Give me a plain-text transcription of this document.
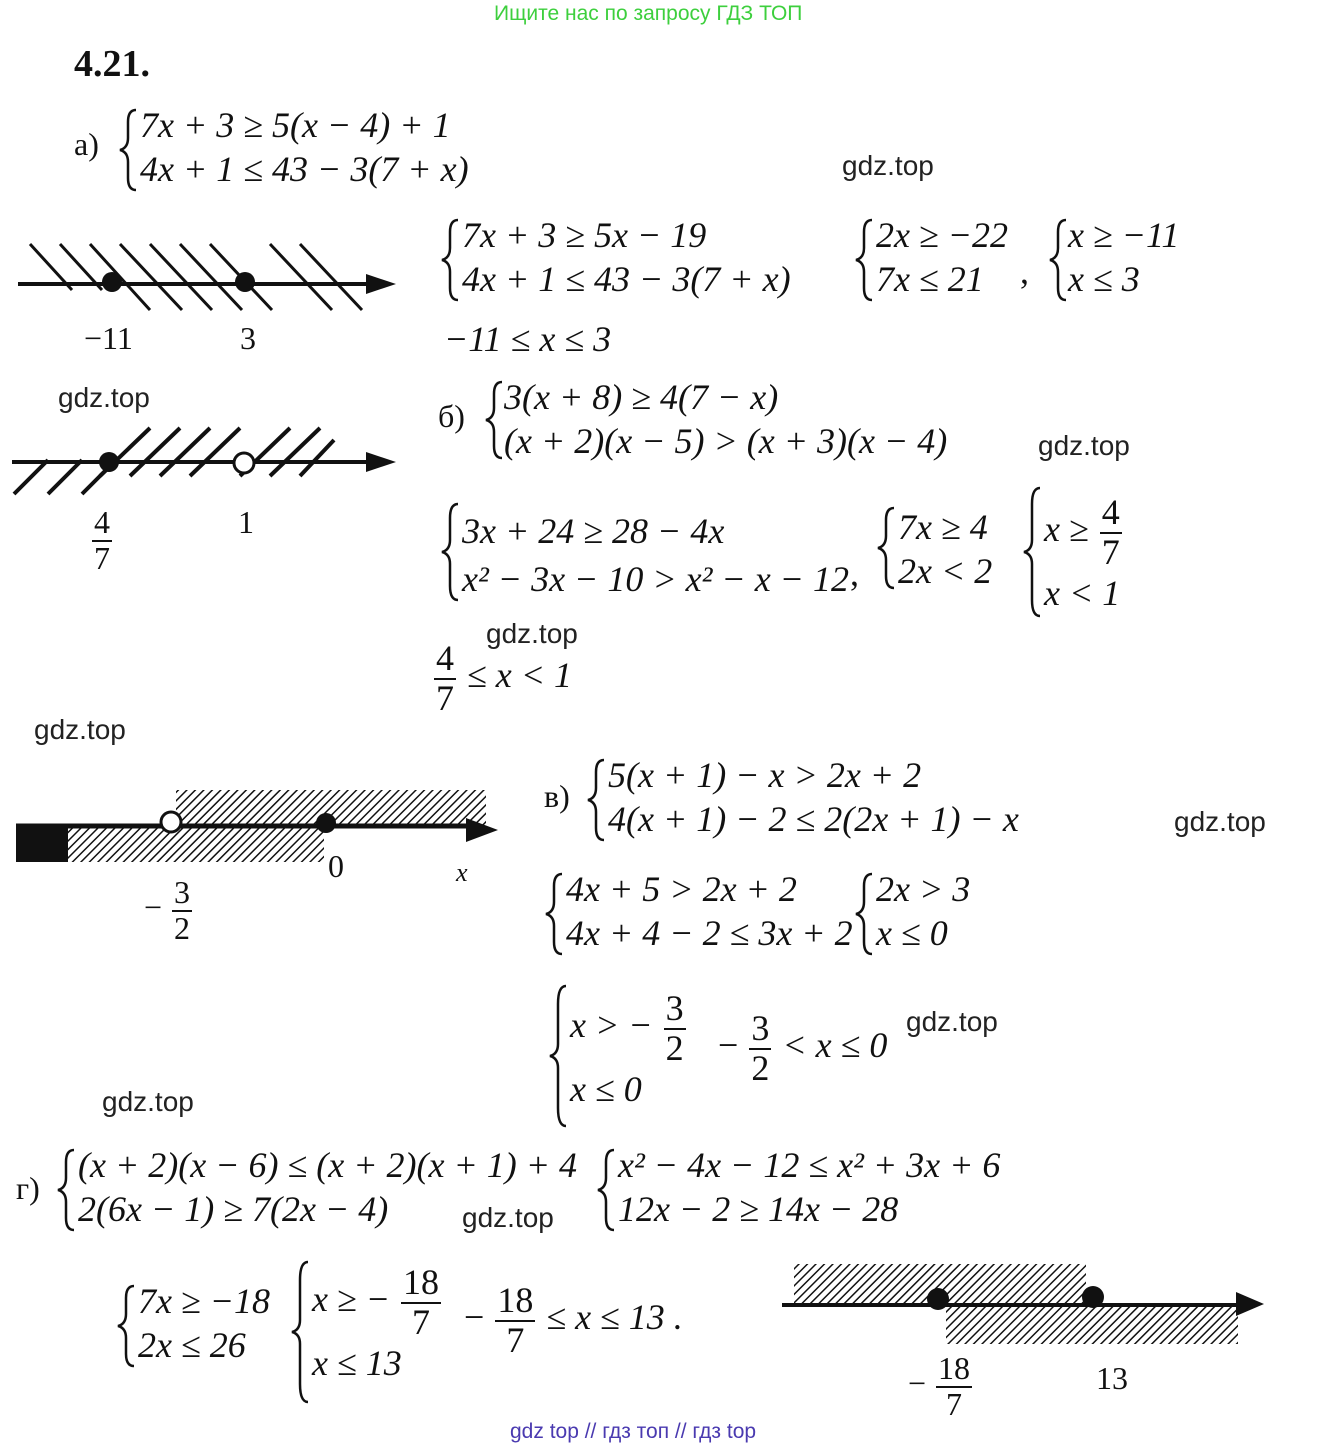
Ищите нас по запросу ГДЗ ТОП
4.21.
gdz.top
gdz.top
gdz.top
gdz.top
gdz.top
gdz.top
gdz.top
gdz.top
gdz.top
а) 7x + 3 ≥ 5(x − 4) + 1
4x + 1 ≤ 43 − 3(7 + x)
7x + 3 ≥ 5x − 19
4x + 1 ≤ 43 − 3(7 + x)
2x ≥ −22
7x ≤ 21	,
x ≥ −11
x ≤ 3
−11 ≤ x ≤ 3
−11	3
б) 3(x + 8) ≥ 4(7 − x)
(x + 2)(x − 5) > (x + 3)(x − 4)
3x + 24 ≥ 28 − 4x
x² − 3x − 10 > x² − x − 12 ,
7x ≥ 4
2x < 2
$x \ge \frac{4}{7}$
x < 1
$\frac{4}{7} \le x < 1$
$\frac{4}{7}$	1
в)
5(x + 1) − x > 2x + 2
4(x + 1) − 2 ≤ 2(2x + 1) − x
4x + 5 > 2x + 2
4x + 4 − 2 ≤ 3x + 2
2x > 3
x ≤ 0
x > − $\frac{3}{2}$
x ≤ 0
− $\frac{3}{2} < x \le 0$
0	x
− $\frac{3}{2}$
г)
(x + 2)(x − 6) ≤ (x + 2)(x + 1) + 4
2(6x − 1) ≥ 7(2x − 4)
x² − 4x − 12 ≤ x² + 3x + 6
12x − 2 ≥ 14x − 28
7x ≥ −18
2x ≤ 26
x ≥ − $\frac{18}{7}$
x ≤ 13
− $\frac{18}{7} \le x \le 13$ .
− $\frac{18}{7}$	13
gdz top // гдз топ // гдз top
